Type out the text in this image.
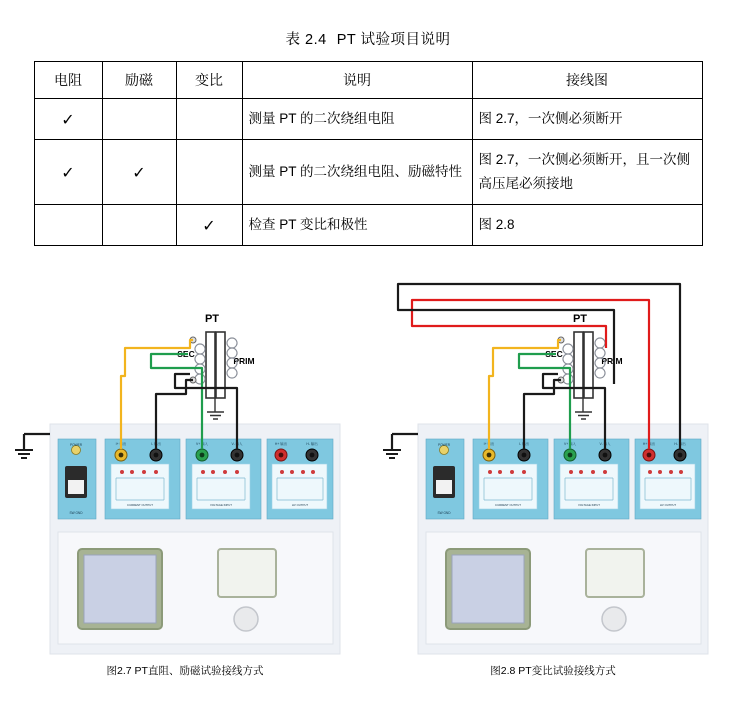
表 2.4 PT 试验项目说明
电阻	励磁	变比	说明	接线图
✓			测量 PT 的二次绕组电阻	图 2.7，一次侧必须断开
✓	✓		测量 PT 的二次绕组电阻、励磁特性	图 2.7，一次侧必须断开，且一次侧高压尾必须接地
		✓	检查 PT 变比和极性	图 2.8
POWER
SW GND
I+ 输出	I- 输出
CURRENT OUTPUT
V+ 输入	V- 输入
VOLTAGE INPUT
H+ 输出	H- 输出
HV OUTPUT
PT
SEC
PRIM
图2.7 PT直阻、励磁试验接线方式
POWER
SW GND
I+ 输出	I- 输出
CURRENT OUTPUT
V+ 输入	V- 输入
VOLTAGE INPUT
H+ 输出	H- 输出
HV OUTPUT
PT
SEC
PRIM
图2.8 PT变比试验接线方式
